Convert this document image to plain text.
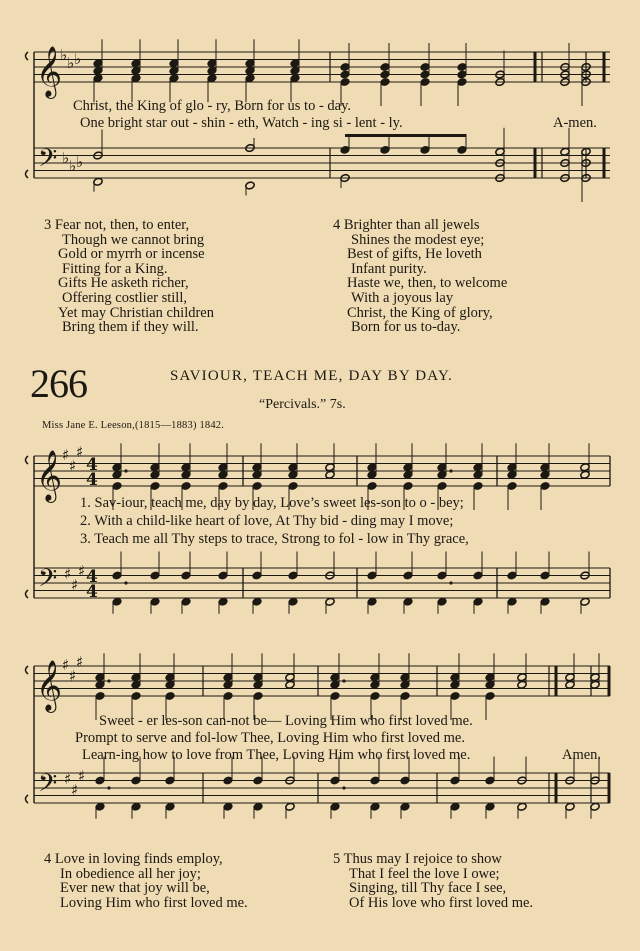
𝄞
𝄢
♭ ♭ ♭
♭ ♭ ♭
𝄞
𝄢
♯
♯
♯
♯
♯
♯
4
4
4
4
𝄞
𝄢
♯
♯
♯
♯
♯
♯
Christ, the King of glo - ry, Born for us to - day.
One bright star out - shin - eth, Watch - ing si - lent - ly.	A-men.
3 Fear not, then, to enter,
Though we cannot bring
Gold or myrrh or incense
Fitting for a King.
Gifts He asketh richer,
Offering costlier still,
Yet may Christian children
Bring them if they will.
4 Brighter than all jewels
Shines the modest eye;
Best of gifts, He loveth
Infant purity.
Haste we, then, to welcome
With a joyous lay
Christ, the King of glory,
Born for us to-day.
266	SAVIOUR, TEACH ME, DAY BY DAY.
“Percivals.” 7s.
Miss Jane E. Leeson,(1815—1883) 1842.
1. Sav-iour, teach me, day by day, Love’s sweet les-son to o - bey;
2. With a child-like heart of love, At Thy bid - ding may I move;
3. Teach me all Thy steps to trace, Strong to fol - low in Thy grace,
Sweet - er les-son can-not be— Loving Him who first loved me.
Prompt to serve and fol-low Thee, Loving Him who first loved me.
Learn-ing how to love from Thee, Loving Him who first loved me.	Amen.
4 Love in loving finds employ,
In obedience all her joy;
Ever new that joy will be,
Loving Him who first loved me.
5 Thus may I rejoice to show
That I feel the love I owe;
Singing, till Thy face I see,
Of His love who first loved me.
